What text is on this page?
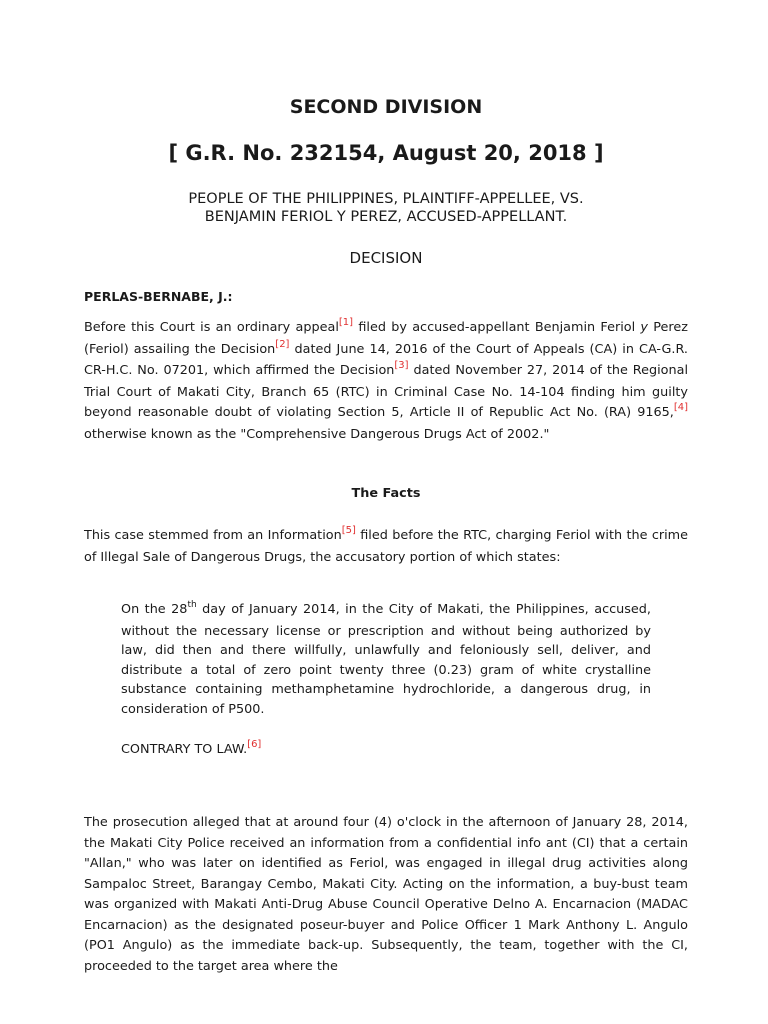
SECOND DIVISION
[ G.R. No. 232154, August 20, 2018 ]
PEOPLE OF THE PHILIPPINES, PLAINTIFF-APPELLEE, VS.
BENJAMIN FERIOL Y PEREZ, ACCUSED-APPELLANT.
DECISION
PERLAS-BERNABE, J.:

Before this Court is an ordinary appeal[1] filed by accused-appellant Benjamin Feriol y Perez (Feriol) assailing the Decision[2] dated June 14, 2016 of the Court of Appeals (CA) in CA-G.R. CR-H.C. No. 07201, which affirmed the Decision[3] dated November 27, 2014 of the Regional Trial Court of Makati City, Branch 65 (RTC) in Criminal Case No. 14-104 finding him guilty beyond reasonable doubt of violating Section 5, Article II of Republic Act No. (RA) 9165,[4] otherwise known as the "Comprehensive Dangerous Drugs Act of 2002."

The Facts

This case stemmed from an Information[5] filed before the RTC, charging Feriol with the crime of Illegal Sale of Dangerous Drugs, the accusatory portion of which states:

On the 28th day of January 2014, in the City of Makati, the Philippines, accused, without the necessary license or prescription and without being authorized by law, did then and there willfully, unlawfully and feloniously sell, deliver, and distribute a total of zero point twenty three (0.23) gram of white crystalline substance containing methamphetamine hydrochloride, a dangerous drug, in consideration of P500.

CONTRARY TO LAW.[6]

The prosecution alleged that at around four (4) o'clock in the afternoon of January 28, 2014, the Makati City Police received an information from a confidential info ant (CI) that a certain "Allan," who was later on identified as Feriol, was engaged in illegal drug activities along Sampaloc Street, Barangay Cembo, Makati City. Acting on the information, a buy-bust team was organized with Makati Anti-Drug Abuse Council Operative Delno A. Encarnacion (MADAC Encarnacion) as the designated poseur-buyer and Police Officer 1 Mark Anthony L. Angulo (PO1 Angulo) as the immediate back-up. Subsequently, the team, together with the CI, proceeded to the target area where the
